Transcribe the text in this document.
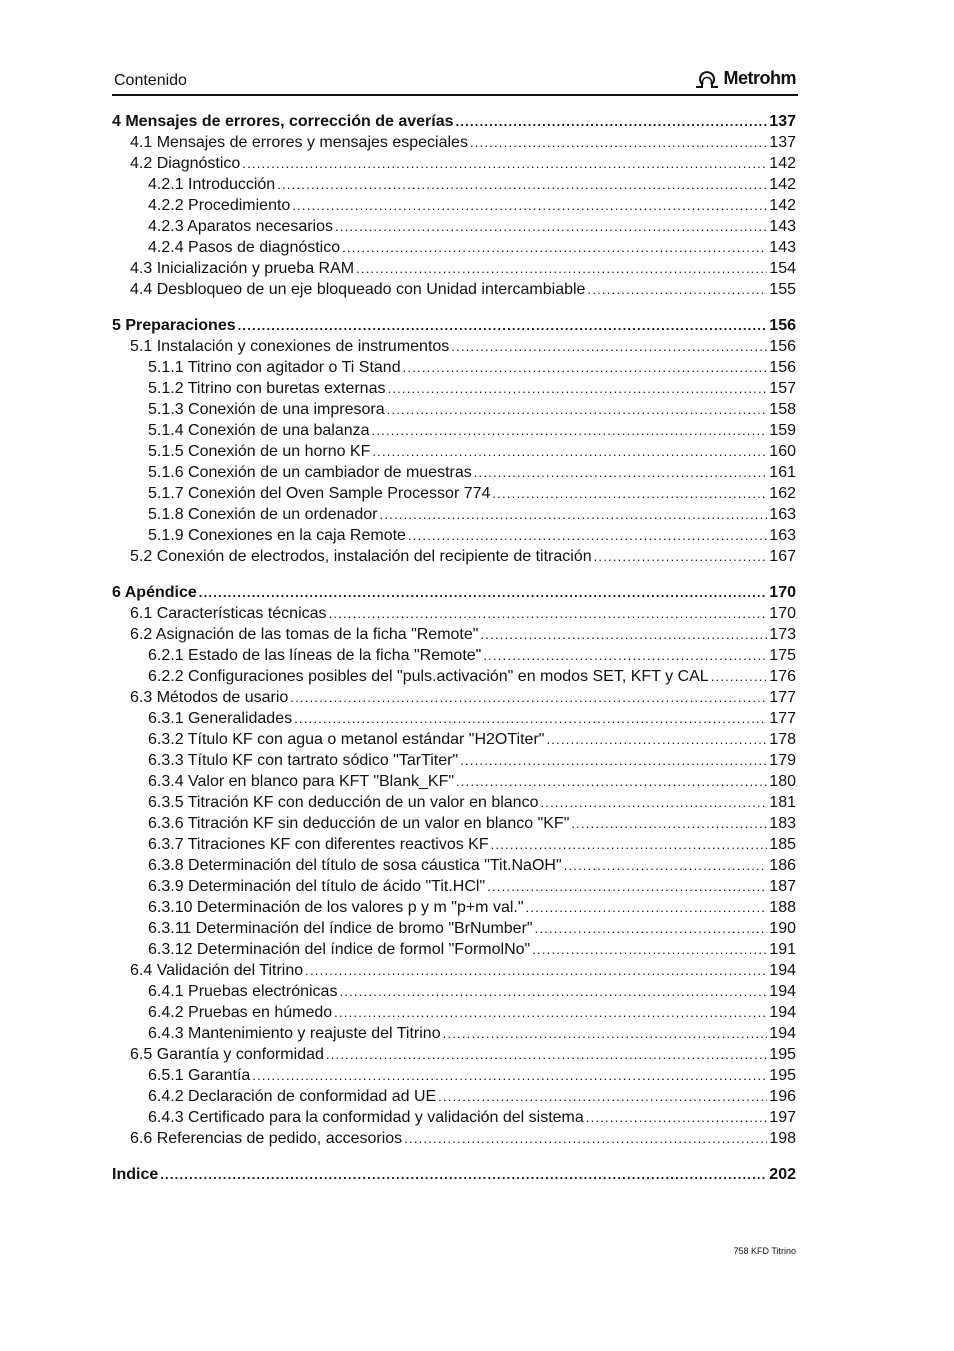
Contenido	Metrohm
4 Mensajes de errores, corrección de averías .....	137
4.1 Mensajes de errores y mensajes especiales .....	137
4.2 Diagnóstico .....	142
4.2.1 Introducción .....	142
4.2.2 Procedimiento .....	142
4.2.3 Aparatos necesarios .....	143
4.2.4 Pasos de diagnóstico .....	143
4.3 Inicialización y prueba RAM .....	154
4.4 Desbloqueo de un eje bloqueado con Unidad intercambiable .....	155
5 Preparaciones .....	156
5.1 Instalación y conexiones de instrumentos .....	156
5.1.1 Titrino con agitador o Ti Stand .....	156
5.1.2 Titrino con buretas externas .....	157
5.1.3 Conexión de una impresora .....	158
5.1.4 Conexión de una balanza .....	159
5.1.5 Conexión de un horno KF .....	160
5.1.6 Conexión de un cambiador de muestras .....	161
5.1.7 Conexión del Oven Sample Processor 774 .....	162
5.1.8 Conexión de un ordenador .....	163
5.1.9 Conexiones en la caja Remote .....	163
5.2 Conexión de electrodos, instalación del recipiente de titración .....	167
6 Apéndice .....	170
6.1 Características técnicas .....	170
6.2 Asignación de las tomas de la ficha "Remote" .....	173
6.2.1 Estado de las líneas de la ficha "Remote" .....	175
6.2.2 Configuraciones posibles del "puls.activación" en modos SET, KFT y CAL .....	176
6.3 Métodos de usario .....	177
6.3.1 Generalidades .....	177
6.3.2 Título KF con agua o metanol estándar "H2OTiter" .....	178
6.3.3 Título KF con tartrato sódico "TarTiter" .....	179
6.3.4 Valor en blanco para KFT "Blank_KF" .....	180
6.3.5 Titración KF con deducción de un valor en blanco .....	181
6.3.6 Titración KF sin deducción de un valor en blanco "KF" .....	183
6.3.7 Titraciones KF con diferentes reactivos KF .....	185
6.3.8 Determinación del título de sosa cáustica "Tit.NaOH" .....	186
6.3.9 Determinación del título de ácido "Tit.HCl" .....	187
6.3.10 Determinación de los valores p y m "p+m val." .....	188
6.3.11 Determinación del índice de bromo "BrNumber" .....	190
6.3.12 Determinación del índice de formol "FormolNo" .....	191
6.4 Validación del Titrino .....	194
6.4.1 Pruebas electrónicas .....	194
6.4.2 Pruebas en húmedo .....	194
6.4.3 Mantenimiento y reajuste del Titrino .....	194
6.5 Garantía y conformidad .....	195
6.5.1 Garantía .....	195
6.4.2 Declaración de conformidad ad UE .....	196
6.4.3 Certificado para la conformidad y validación del sistema .....	197
6.6 Referencias de pedido, accesorios .....	198
Indice .....	202
758 KFD Titrino
